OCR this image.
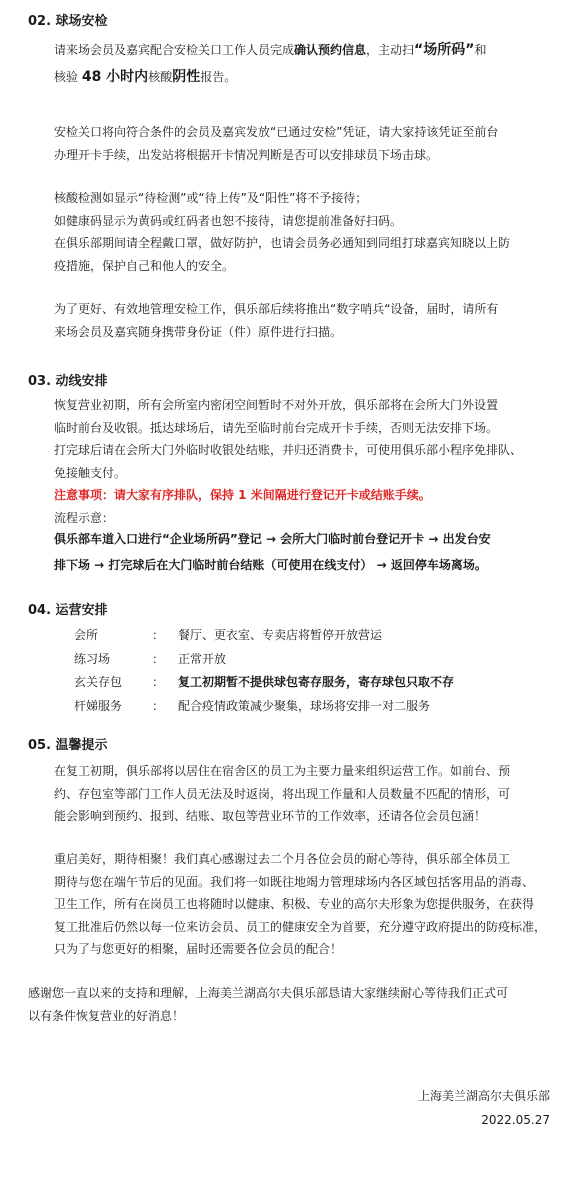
02. 球场安检
请来场会员及嘉宾配合安检关口工作人员完成确认预约信息，主动扫“场所码”和
核验 48 小时内核酸阴性报告。
安检关口将向符合条件的会员及嘉宾发放“已通过安检”凭证，请大家持该凭证至前台
办理开卡手续，出发站将根据开卡情况判断是否可以安排球员下场击球。
核酸检测如显示“待检测”或“待上传”及“阳性”将不予接待；
如健康码显示为黄码或红码者也恕不接待，请您提前准备好扫码。
在俱乐部期间请全程戴口罩，做好防护，也请会员务必通知到同组打球嘉宾知晓以上防
疫措施，保护自己和他人的安全。
为了更好、有效地管理安检工作，俱乐部后续将推出“数字哨兵“设备，届时，请所有
来场会员及嘉宾随身携带身份证（件）原件进行扫描。
03. 动线安排
恢复营业初期，所有会所室内密闭空间暂时不对外开放，俱乐部将在会所大门外设置
临时前台及收银。抵达球场后，请先至临时前台完成开卡手续，否则无法安排下场。
打完球后请在会所大门外临时收银处结账，并归还消费卡，可使用俱乐部小程序免排队、
免接触支付。
注意事项：请大家有序排队，保持 1 米间隔进行登记开卡或结账手续。
流程示意：
俱乐部车道入口进行“企业场所码”登记 → 会所大门临时前台登记开卡 → 出发台安
排下场 → 打完球后在大门临时前台结账（可使用在线支付） → 返回停车场离场。
04. 运营安排
会所	： 餐厅、更衣室、专卖店将暂停开放营运
练习场	： 正常开放
玄关存包 ： 复工初期暂不提供球包寄存服务，寄存球包只取不存
杆娣服务 ： 配合疫情政策减少聚集，球场将安排一对二服务
05. 温馨提示
在复工初期，俱乐部将以居住在宿舍区的员工为主要力量来组织运营工作。如前台、预
约、存包室等部门工作人员无法及时返岗，将出现工作量和人员数量不匹配的情形，可
能会影响到预约、报到、结账、取包等营业环节的工作效率，还请各位会员包涵！
重启美好，期待相聚！我们真心感谢过去二个月各位会员的耐心等待，俱乐部全体员工
期待与您在端午节后的见面。我们将一如既往地竭力管理球场内各区域包括客用品的消毒、
卫生工作，所有在岗员工也将随时以健康、积极、专业的高尔夫形象为您提供服务，在获得
复工批准后仍然以每一位来访会员、员工的健康安全为首要，充分遵守政府提出的防疫标准，
只为了与您更好的相聚，届时还需要各位会员的配合！
感谢您一直以来的支持和理解，上海美兰湖高尔夫俱乐部恳请大家继续耐心等待我们正式可
以有条件恢复营业的好消息！
上海美兰湖高尔夫俱乐部
2022.05.27
